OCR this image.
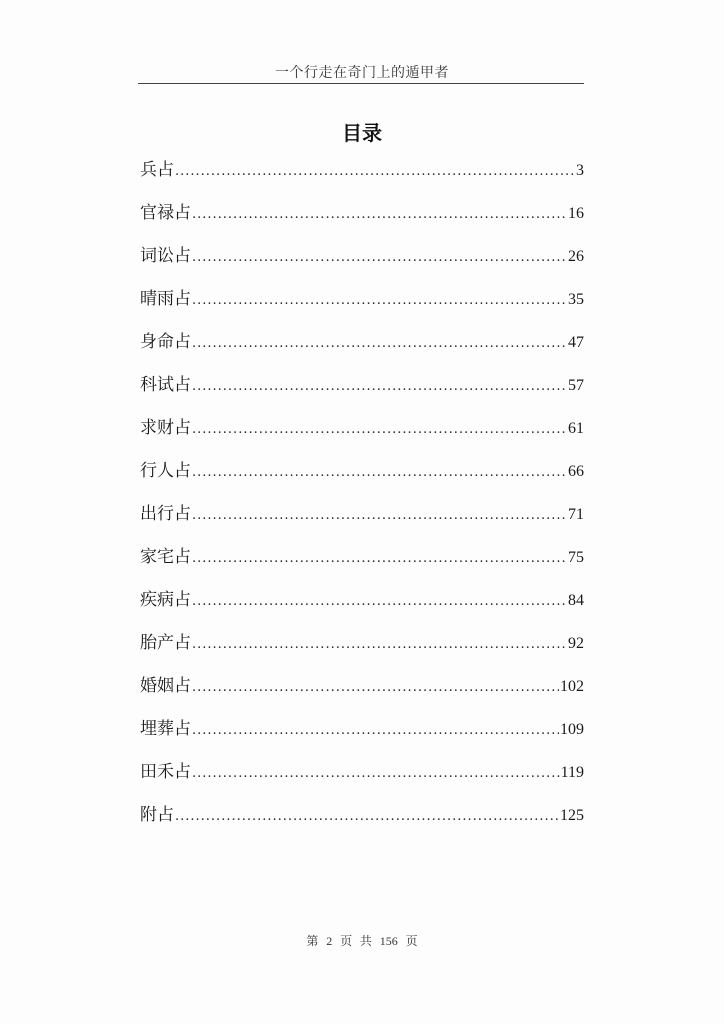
一个行走在奇门上的遁甲者
目录
兵占 .....	3
官禄占 .....	16
词讼占 .....	26
晴雨占 .....	35
身命占 .....	47
科试占 .....	57
求财占 .....	61
行人占 .....	66
出行占 .....	71
家宅占 .....	75
疾病占 .....	84
胎产占 .....	92
婚姻占 .....	102
埋葬占 .....	109
田禾占 .....	119
附占 .....	125
第 2 页 共 156 页
